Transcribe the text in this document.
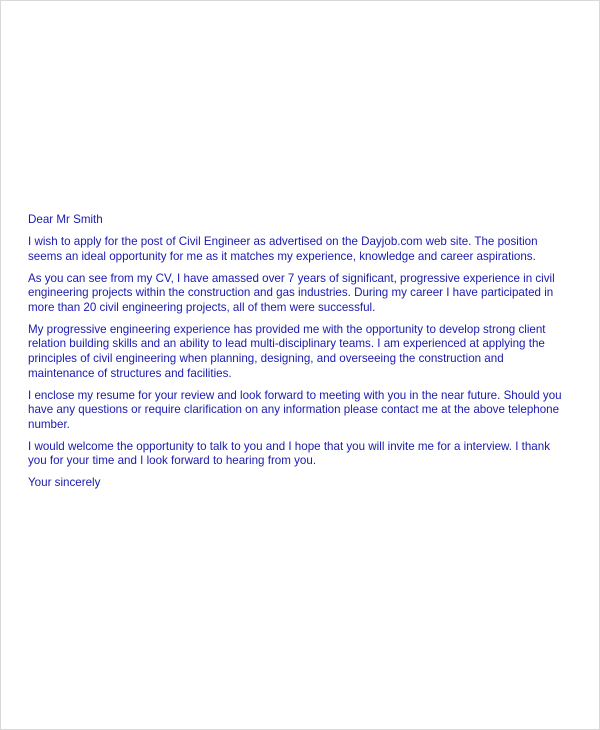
Dear Mr Smith
I wish to apply for the post of Civil Engineer as advertised on the Dayjob.com web site. The position
seems an ideal opportunity for me as it matches my experience, knowledge and career aspirations.
As you can see from my CV, I have amassed over 7 years of significant, progressive experience in civil
engineering projects within the construction and gas industries. During my career I have participated in
more than 20 civil engineering projects, all of them were successful.
My progressive engineering experience has provided me with the opportunity to develop strong client
relation building skills and an ability to lead multi-disciplinary teams. I am experienced at applying the
principles of civil engineering when planning, designing, and overseeing the construction and
maintenance of structures and facilities.
I enclose my resume for your review and look forward to meeting with you in the near future. Should you
have any questions or require clarification on any information please contact me at the above telephone
number.
I would welcome the opportunity to talk to you and I hope that you will invite me for a interview. I thank
you for your time and I look forward to hearing from you.
Your sincerely
